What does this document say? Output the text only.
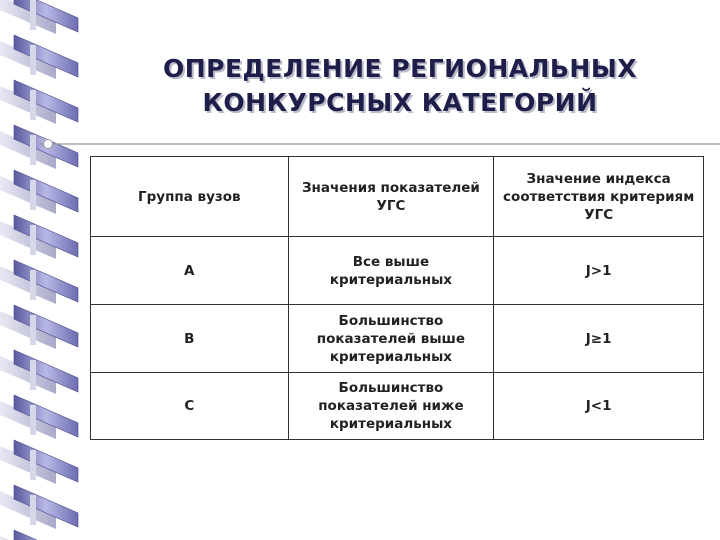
ОПРЕДЕЛЕНИЕ РЕГИОНАЛЬНЫХ
КОНКУРСНЫХ КАТЕГОРИЙ
Группа вузов	Значения показателей УГС	Значение индекса соответствия критериям УГС
A	Все выше критериальных	J>1
B	Большинство показателей выше критериальных	J≥1
C	Большинство показателей ниже критериальных	J<1
